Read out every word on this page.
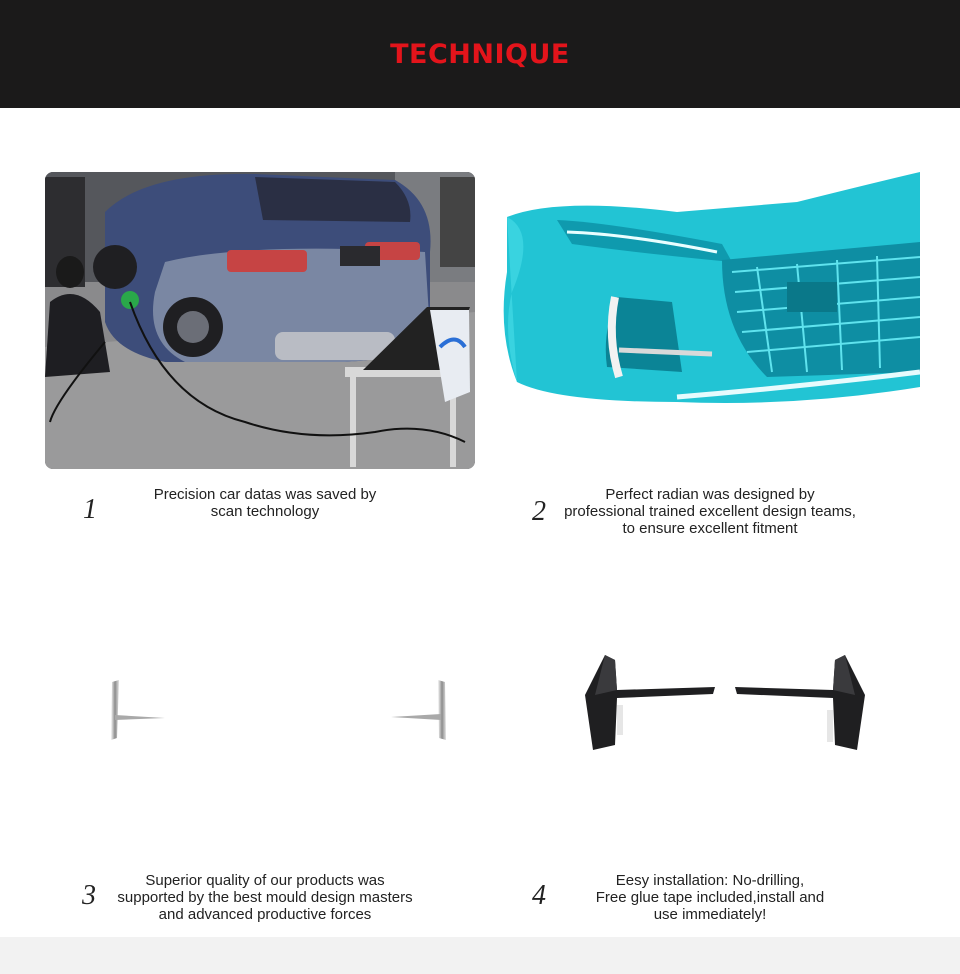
TECHNIQUE
1	Precision car datas was saved by
scan technology	2
Perfect radian was designed by
professional trained excellent design teams,
to ensure excellent fitment
3	Superior quality of our products was
supported by the best mould design masters
and advanced productive forces
4	Eesy installation: No-drilling,
Free glue tape included,install and
use immediately!
